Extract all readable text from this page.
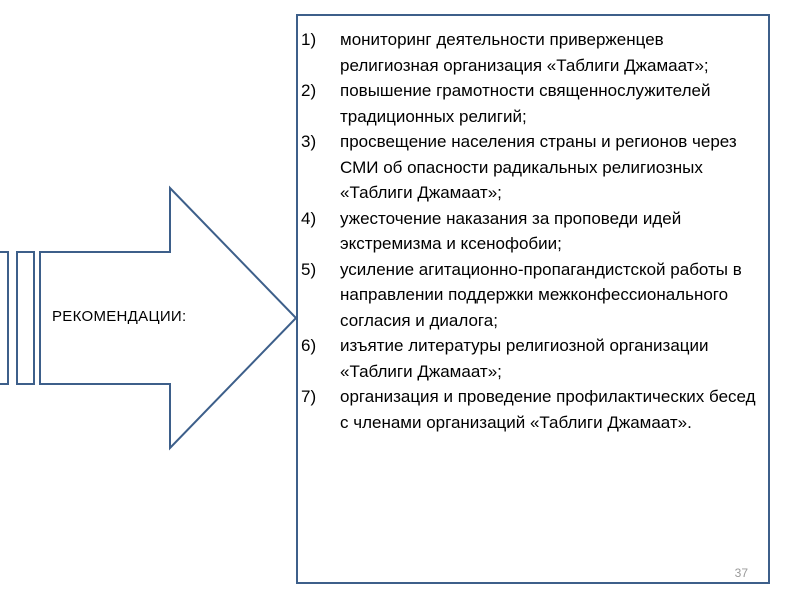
РЕКОМЕНДАЦИИ:
1) мониторинг деятельности приверженцев религиозная организация «Таблиги Джамаат»;
2) повышение грамотности священнослужителей традиционных религий;
3) просвещение населения страны и регионов через СМИ об опасности радикальных религиозных «Таблиги Джамаат»;
4) ужесточение наказания за проповеди идей экстремизма и ксенофобии;
5) усиление агитационно-пропагандистской работы в направлении поддержки межконфессионального согласия и диалога;
6) изъятие литературы религиозной организации «Таблиги Джамаат»;
7) организация и проведение профилактических бесед с членами организаций «Таблиги Джамаат».
37
